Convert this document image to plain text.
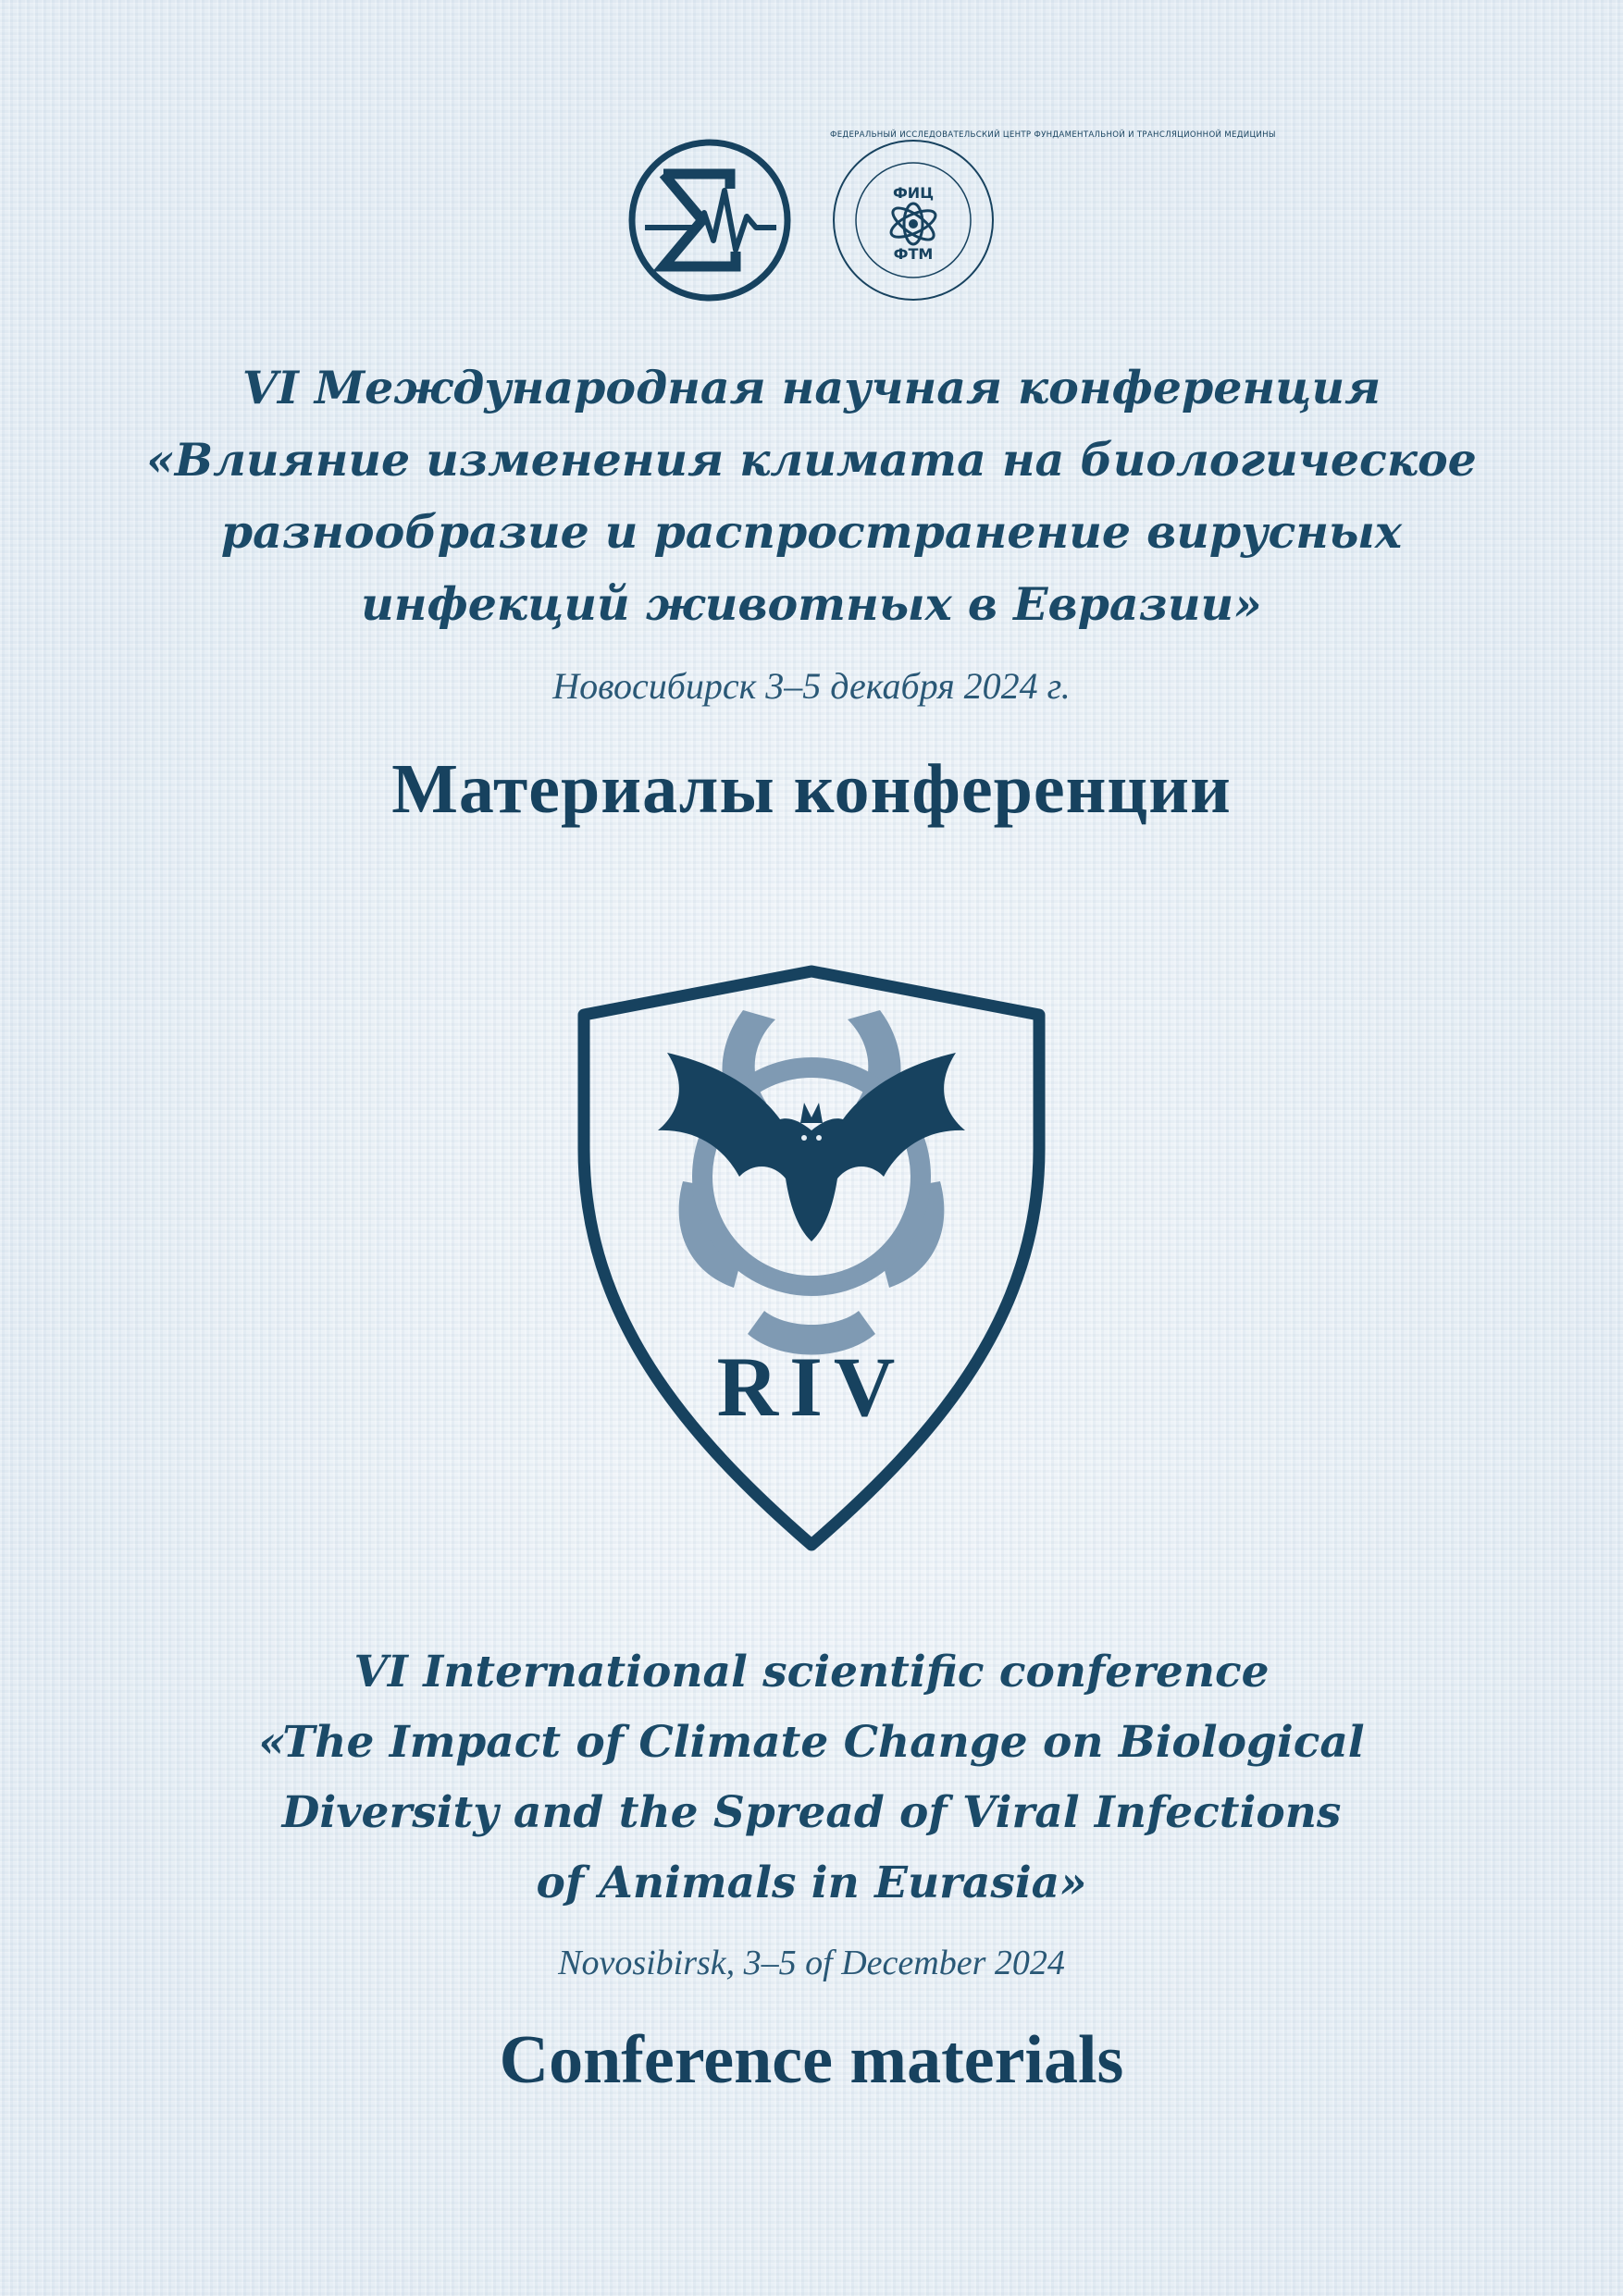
ФЕДЕРАЛЬНЫЙ ИССЛЕДОВАТЕЛЬСКИЙ ЦЕНТР ФУНДАМЕНТАЛЬНОЙ И ТРАНСЛЯЦИОННОЙ МЕДИЦИНЫ
ФИЦ
ФТМ
VI Международная научная конференция
«Влияние изменения климата на биологическое
разнообразие и распространение вирусных
инфекций животных в Евразии»
Новосибирск 3–5 декабря 2024 г.
Материалы конференции
RIV
VI International scientific conference
«The Impact of Climate Change on Biological
Diversity and the Spread of Viral Infections
of Animals in Eurasia»
Novosibirsk, 3–5 of December 2024
Conference materials
